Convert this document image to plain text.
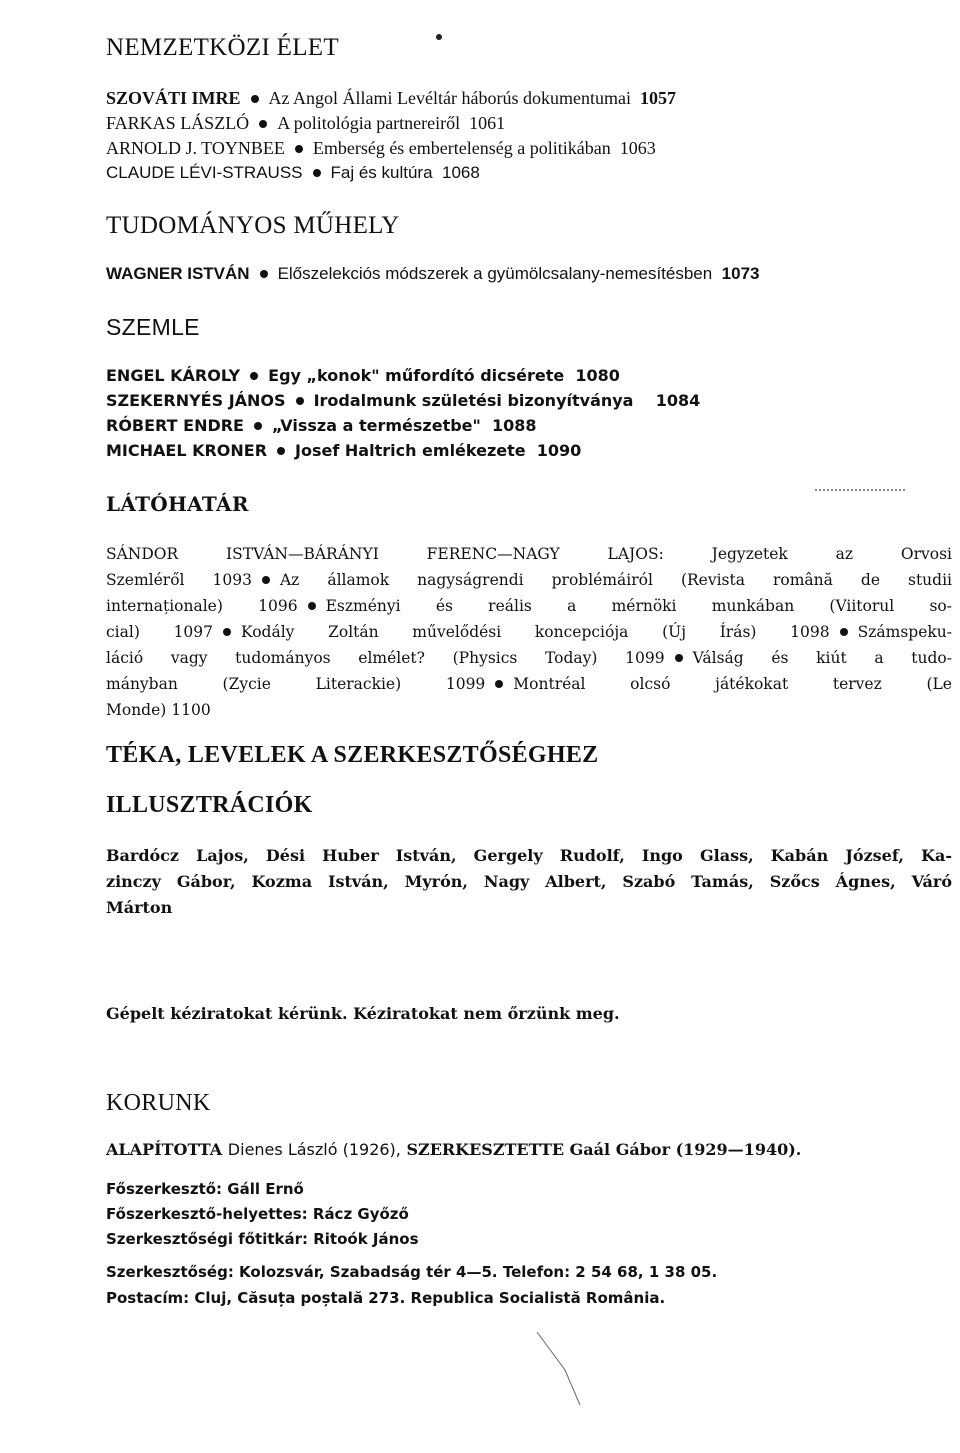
NEMZETKÖZI ÉLET
SZOVÁTI IMRE Az Angol Állami Levéltár háborús dokumentumai 1057
FARKAS LÁSZLÓ A politológia partnereiről 1061
ARNOLD J. TOYNBEE Emberség és embertelenség a politikában 1063
CLAUDE LÉVI-STRAUSS Faj és kultúra 1068
TUDOMÁNYOS MŰHELY
WAGNER ISTVÁN Előszelekciós módszerek a gyümölcsalany-nemesítésben 1073
SZEMLE
ENGEL KÁROLY Egy „konok" műfordító dicsérete 1080
SZEKERNYÉS JÁNOS Irodalmunk születési bizonyítványa 1084
RÓBERT ENDRE „Vissza a természetbe" 1088
MICHAEL KRONER Josef Haltrich emlékezete 1090
LÁTÓHATÁR
SÁNDOR ISTVÁN—BÁRÁNYI FERENC—NAGY LAJOS: Jegyzetek az Orvosi
Szemléről 1093 Az államok nagyságrendi problémáiról (Revista română de studii
internaționale) 1096 Eszményi és reális a mérnöki munkában (Viitorul so-
cial) 1097 Kodály Zoltán művelődési koncepciója (Új Írás) 1098 Számspeku-
láció vagy tudományos elmélet? (Physics Today) 1099 Válság és kiút a tudo-
mányban (Zycie Literackie) 1099 Montréal olcsó játékokat tervez (Le
Monde) 1100
TÉKA, LEVELEK A SZERKESZTŐSÉGHEZ
ILLUSZTRÁCIÓK
Bardócz Lajos, Dési Huber István, Gergely Rudolf, Ingo Glass, Kabán József, Ka-
zinczy Gábor, Kozma István, Myrón, Nagy Albert, Szabó Tamás, Szőcs Ágnes, Váró
Márton
Gépelt kéziratokat kérünk. Kéziratokat nem őrzünk meg.
KORUNK
ALAPÍTOTTA Dienes László (1926), SZERKESZTETTE Gaál Gábor (1929—1940).
Főszerkesztő: Gáll Ernő
Főszerkesztő-helyettes: Rácz Győző
Szerkesztőségi főtitkár: Ritoók János
Szerkesztőség: Kolozsvár, Szabadság tér 4—5. Telefon: 2 54 68, 1 38 05.
Postacím: Cluj, Căsuța poștală 273. Republica Socialistă România.
